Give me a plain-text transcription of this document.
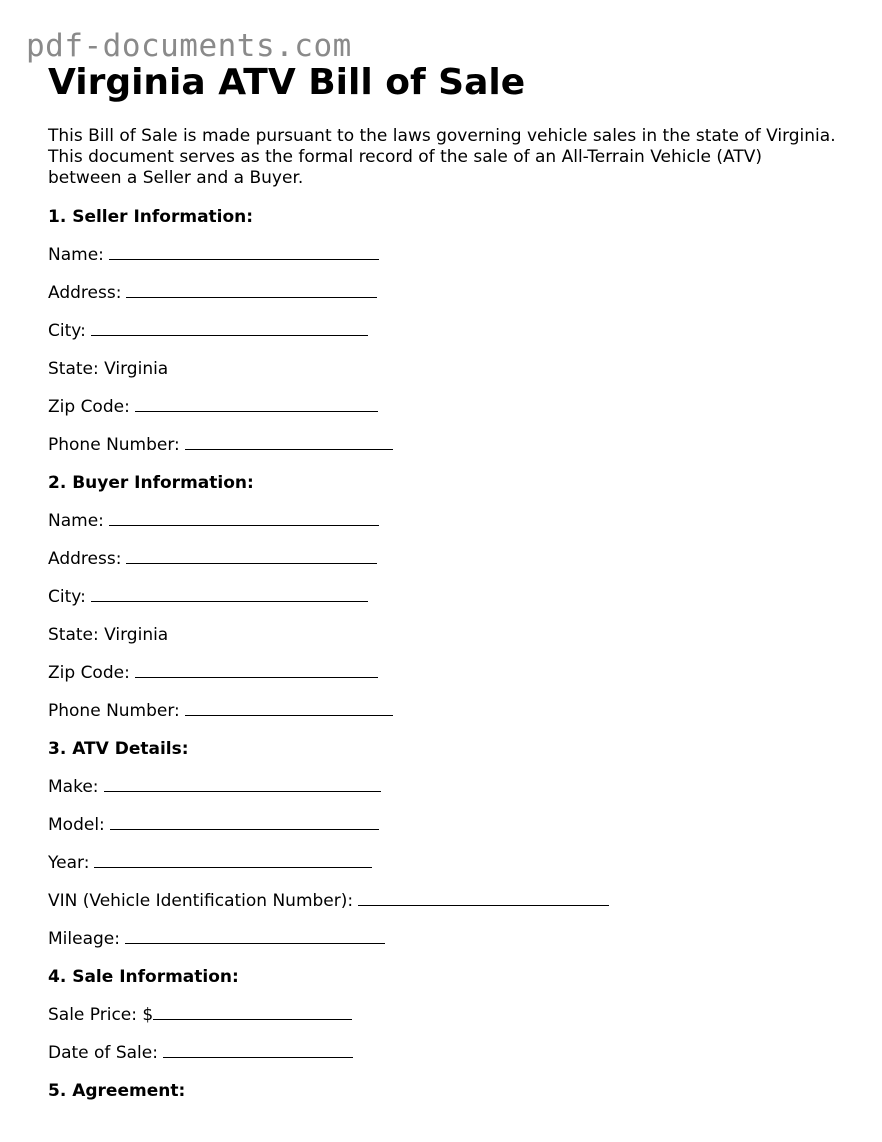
pdf-documents.com
Virginia ATV Bill of Sale

This Bill of Sale is made pursuant to the laws governing vehicle sales in the state of Virginia. This document serves as the formal record of the sale of an All-Terrain Vehicle (ATV) between a Seller and a Buyer.

1. Seller Information:
Name:
Address:
City:
State: Virginia
Zip Code:
Phone Number:
2. Buyer Information:
Name:
Address:
City:
State: Virginia
Zip Code:
Phone Number:
3. ATV Details:
Make:
Model:
Year:
VIN (Vehicle Identification Number):
Mileage:
4. Sale Information:
Sale Price: $
Date of Sale:
5. Agreement:
